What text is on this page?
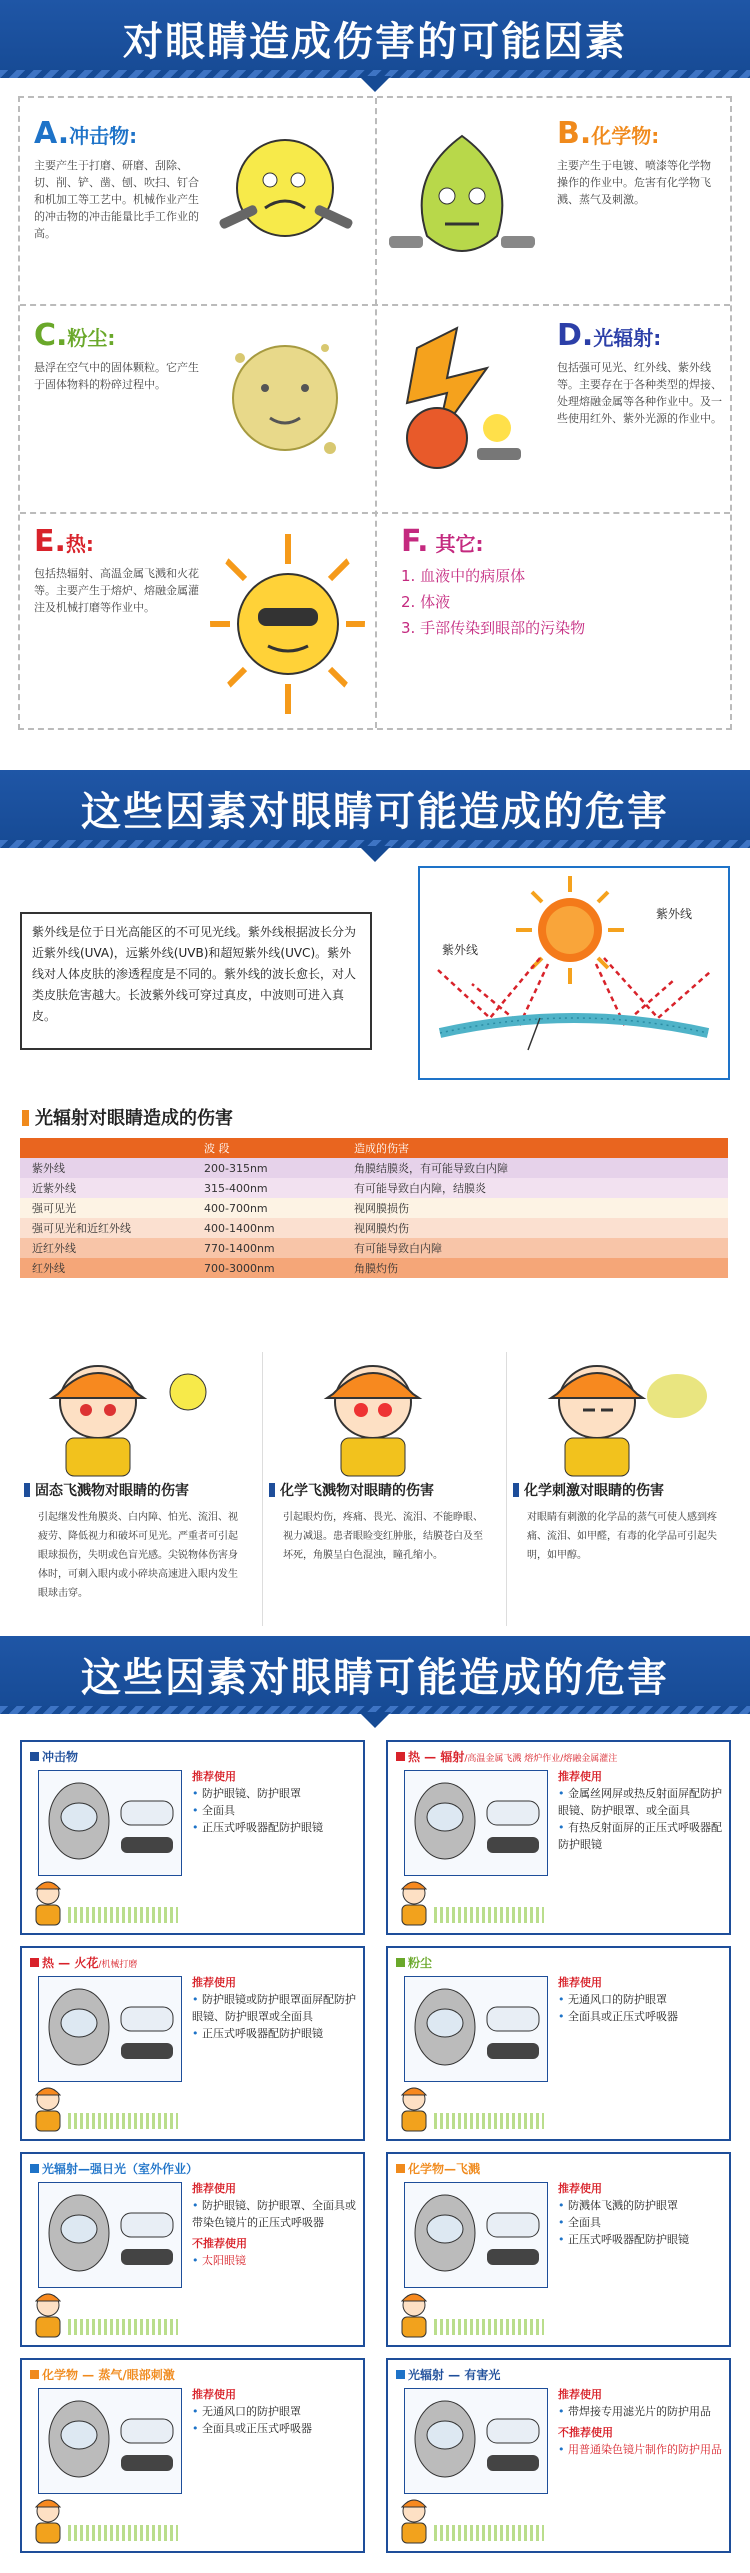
对眼睛造成伤害的可能因素
A.冲击物:
主要产生于打磨、研磨、刮除、切、削、铲、凿、刨、吹扫、钉合和机加工等工艺中。机械作业产生的冲击物的冲击能量比手工作业的高。
B.化学物:
主要产生于电镀、喷漆等化学物操作的作业中。危害有化学物飞溅、蒸气及刺激。
C.粉尘:
悬浮在空气中的固体颗粒。它产生于固体物料的粉碎过程中。
D.光辐射:
包括强可见光、红外线、紫外线等。主要存在于各种类型的焊接、处理熔融金属等各种作业中。及一些使用红外、紫外光源的作业中。
E.热:
包括热辐射、高温金属飞溅和火花等。主要产生于熔炉、熔融金属灌注及机械打磨等作业中。
F. 其它:
1. 血液中的病原体
2. 体液
3. 手部传染到眼部的污染物
这些因素对眼睛可能造成的危害
紫外线是位于日光高能区的不可见光线。紫外线根据波长分为近紫外线(UVA)，远紫外线(UVB)和超短紫外线(UVC)。紫外线对人体皮肤的渗透程度是不同的。紫外线的波长愈长，对人类皮肤危害越大。长波紫外线可穿过真皮，中波则可进入真皮。
紫外线
紫外线
光辐射对眼睛造成的伤害
	波 段	造成的伤害
紫外线	200-315nm	角膜结膜炎，有可能导致白内障
近紫外线	315-400nm	有可能导致白内障，结膜炎
强可见光	400-700nm	视网膜损伤
强可见光和近红外线	400-1400nm	视网膜灼伤
近红外线	770-1400nm	有可能导致白内障
红外线	700-3000nm	角膜灼伤
固态飞溅物对眼睛的伤害
引起继发性角膜炎、白内障、怕光、流泪、视疲劳、降低视力和破坏可见光。严重者可引起眼球损伤，失明或色盲光感。尖锐物体伤害身体时，可刺入眼内或小碎块高速进入眼内发生眼球击穿。
化学飞溅物对眼睛的伤害
引起眼灼伤，疼痛、畏光、流泪、不能睁眼、视力减退。患者眼睑变红肿胀，结膜苍白及至坏死，角膜呈白色混浊，瞳孔缩小。
化学刺激对眼睛的伤害
对眼睛有刺激的化学品的蒸气可使人感到疼痛、流泪、如甲醛，有毒的化学品可引起失明，如甲醇。
这些因素对眼睛可能造成的危害
冲击物
推荐使用
• 防护眼镜、防护眼罩
• 全面具
• 正压式呼吸器配防护眼镜
热 — 辐射/高温金属飞溅 熔炉作业/熔融金属灌注
推荐使用
• 金属丝网屏或热反射面屏配防护眼镜、防护眼罩、或全面具
• 有热反射面屏的正压式呼吸器配防护眼镜
热 — 火花/机械打磨
推荐使用
• 防护眼镜或防护眼罩面屏配防护眼镜、防护眼罩或全面具
• 正压式呼吸器配防护眼镜
粉尘
推荐使用
• 无通风口的防护眼罩
• 全面具或正压式呼吸器
光辐射—强日光（室外作业）
推荐使用
• 防护眼镜、防护眼罩、全面具或带染色镜片的正压式呼吸器
不推荐使用
• 太阳眼镜
化学物—飞溅
推荐使用
• 防溅体飞溅的防护眼罩
• 全面具
• 正压式呼吸器配防护眼镜
化学物 — 蒸气/眼部刺激
推荐使用
• 无通风口的防护眼罩
• 全面具或正压式呼吸器
光辐射 — 有害光
推荐使用
• 带焊接专用滤光片的防护用品
不推荐使用
• 用普通染色镜片制作的防护用品
